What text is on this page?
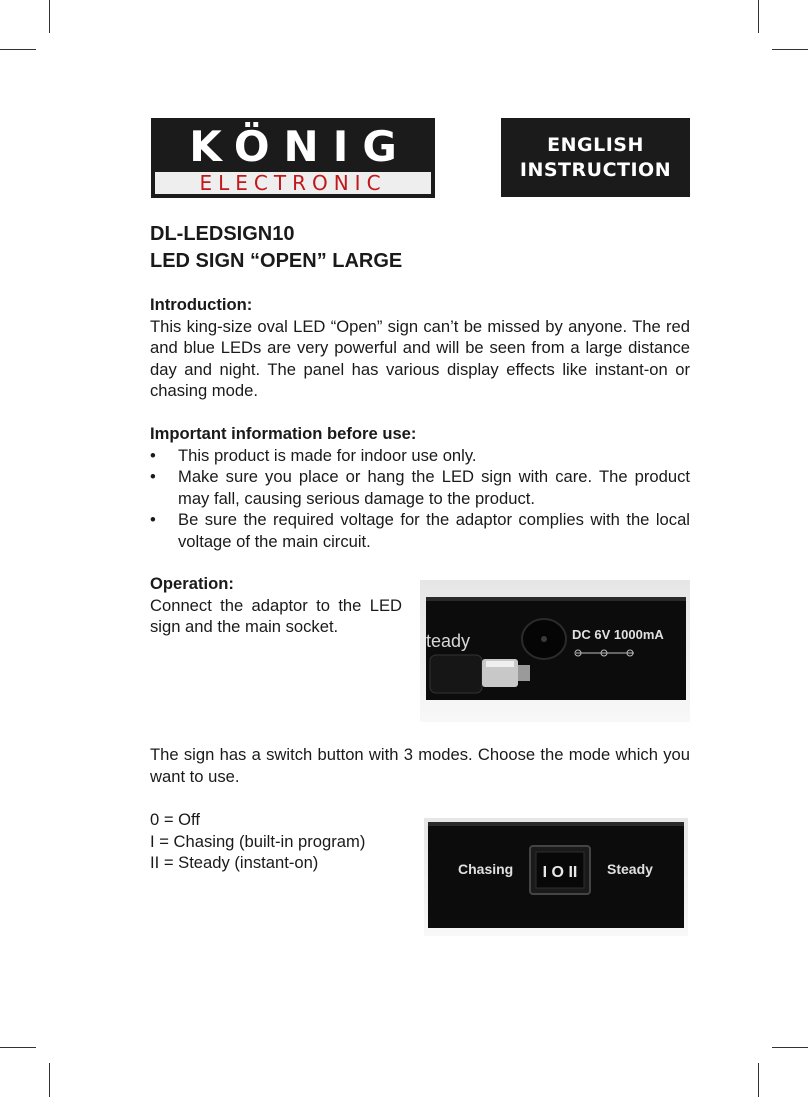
KÖNIG
ELECTRONIC
ENGLISH
INSTRUCTION
DL-LEDSIGN10
LED SIGN “OPEN” LARGE
Introduction:

This king-size oval LED “Open” sign can’t be missed by anyone. The red and blue LEDs are very powerful and will be seen from a large distance day and night. The panel has various display effects like instant-on or chasing mode.

Important information before use:
• This product is made for indoor use only.
• Make sure you place or hang the LED sign with care. The product may fall, causing serious damage to the product.
• Be sure the required voltage for the adaptor complies with the local voltage of the main circuit.
Operation:

Connect the adaptor to the LED sign and the main socket.

teady	DC 6V 1000mA

The sign has a switch button with 3 modes. Choose the mode which you want to use.

0 = Off
I = Chasing (built-in program)
II = Steady (instant-on)	Chasing I O II Steady
